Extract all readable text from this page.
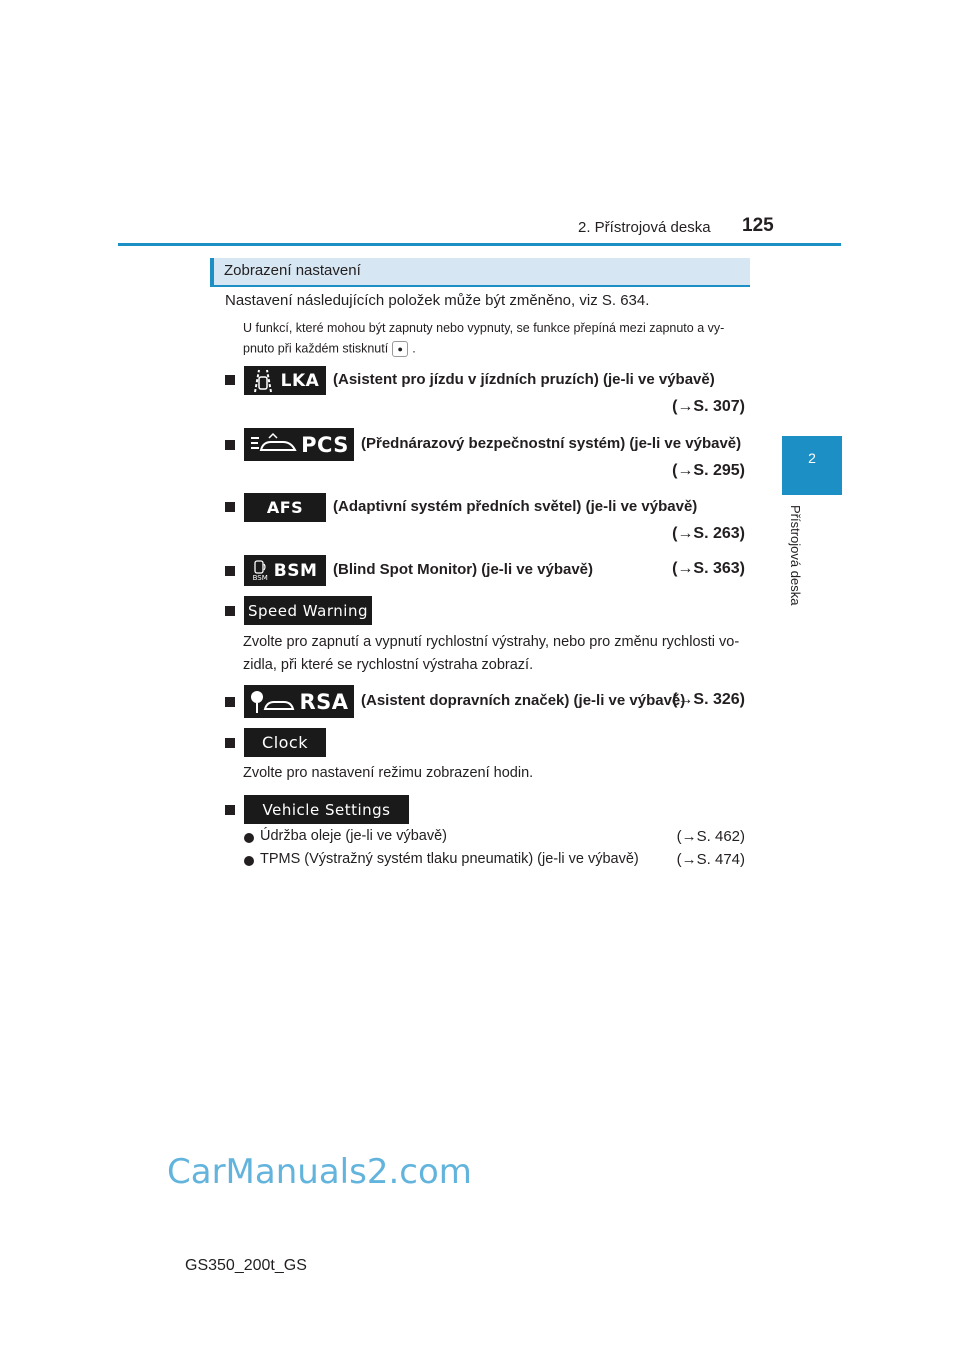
2. Přístrojová deska 125
2
Přístrojová deska
Zobrazení nastavení
Nastavení následujících položek může být změněno, viz S. 634.
U funkcí, které mohou být zapnuty nebo vypnuty, se funkce přepíná mezi zapnuto a vy-
pnuto při každém stisknutí ● .
LKA (Asistent pro jízdu v jízdních pruzích) (je-li ve výbavě)
(→S. 307)
PCS (Přednárazový bezpečnostní systém) (je-li ve výbavě)
(→S. 295)
AFS (Adaptivní systém předních světel) (je-li ve výbavě)
(→S. 263)
BSM BSM (Blind Spot Monitor) (je-li ve výbavě)	(→S. 363)
Speed Warning
Zvolte pro zapnutí a vypnutí rychlostní výstrahy, nebo pro změnu rychlosti vo-
zidla, při které se rychlostní výstraha zobrazí.
RSA (Asistent dopravních značek) (je-li ve výbavě)
(→S. 326)
Clock
Zvolte pro nastavení režimu zobrazení hodin.
Vehicle Settings
Údržba oleje (je-li ve výbavě)	(→S. 462)
TPMS (Výstražný systém tlaku pneumatik) (je-li ve výbavě)	(→S. 474)
CarManuals2.com
GS350_200t_GS
